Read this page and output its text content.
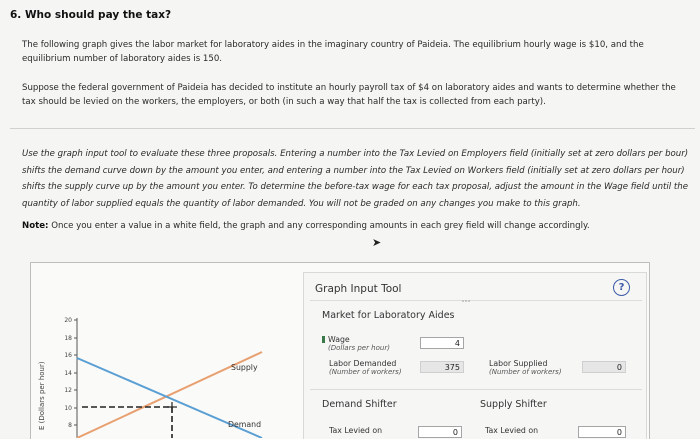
6. Who should pay the tax?

The following graph gives the labor market for laboratory aides in the imaginary country of Paideia. The equilibrium hourly wage is $10, and the equilibrium number of laboratory aides is 150.

Suppose the federal government of Paideia has decided to institute an hourly payroll tax of $4 on laboratory aides and wants to determine whether the tax should be levied on the workers, the employers, or both (in such a way that half the tax is collected from each party).

Use the graph input tool to evaluate these three proposals. Entering a number into the Tax Levied on Employers field (initially set at zero dollars per bour) shifts the demand curve down by the amount you enter, and entering a number into the Tax Levied on Workers field (initially set at zero dollars per hour) shifts the supply curve up by the amount you enter. To determine the before-tax wage for each tax proposal, adjust the amount in the Wage field until the quantity of labor supplied equals the quantity of labor demanded. You will not be graded on any changes you make to this graph.

Note: Once you enter a value in a white field, the graph and any corresponding amounts in each grey field will change accordingly.
➤
E (Dollars per hour)
20
18
16
14
12
10
8
Supply
Demand
Graph Input Tool	?
Market for Laboratory Aides
Wage
(Dollars per hour)	4
Labor Demanded
(Number of workers)	375	Labor Supplied
(Number of workers)	0
Demand Shifter	Supply Shifter
Tax Levied on	0	Tax Levied on	0
